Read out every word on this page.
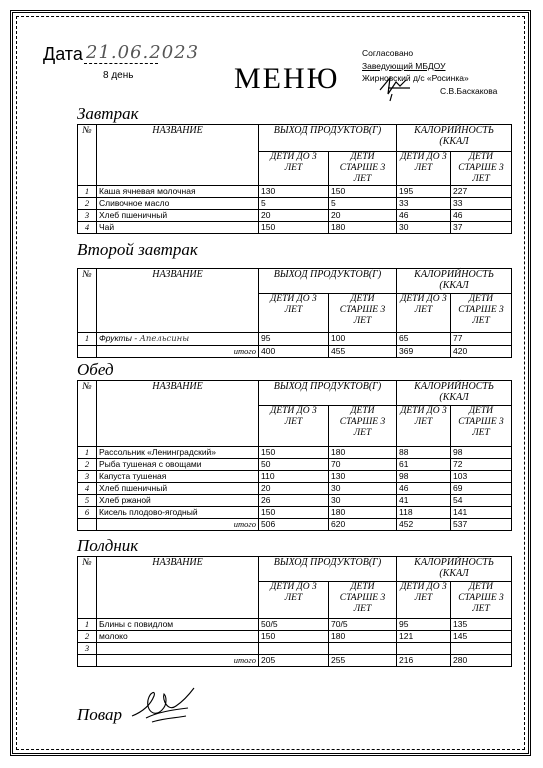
Дата 21.06.2023
8 день	МЕНЮ
Согласовано
Заведующий МБДОУ
Жирновский д/с «Росинка»
С.В.Баскакова
Завтрак
№	НАЗВАНИЕ	ВЫХОД ПРОДУКТОВ(Г)		КАЛОРИЙНОСТЬ (ККАЛ	
		ДЕТИ ДО 3 ЛЕТ	ДЕТИ СТАРШЕ 3 ЛЕТ	ДЕТИ ДО 3 ЛЕТ	ДЕТИ СТАРШЕ 3 ЛЕТ
1	Каша ячневая молочная	130	150	195	227
2	Сливочное масло	5	5	33	33
3	Хлеб пшеничный	20	20	46	46
4	Чай	150	180	30	37
Второй завтрак
№	НАЗВАНИЕ	ВЫХОД ПРОДУКТОВ(Г)		КАЛОРИЙНОСТЬ (ККАЛ	
		ДЕТИ ДО 3 ЛЕТ	ДЕТИ СТАРШЕ 3 ЛЕТ	ДЕТИ ДО 3 ЛЕТ	ДЕТИ СТАРШЕ 3 ЛЕТ
1	Фрукты - Апельсины	95	100	65	77
	итого	400	455	369	420
Обед
№	НАЗВАНИЕ	ВЫХОД ПРОДУКТОВ(Г)		КАЛОРИЙНОСТЬ (ККАЛ	
		ДЕТИ ДО 3 ЛЕТ	ДЕТИ СТАРШЕ 3 ЛЕТ	ДЕТИ ДО 3 ЛЕТ	ДЕТИ СТАРШЕ 3 ЛЕТ
1	Рассольник «Ленинградский»	150	180	88	98
2	Рыба тушеная с овощами	50	70	61	72
3	Капуста тушеная	110	130	98	103
4	Хлеб пшеничный	20	30	46	69
5	Хлеб ржаной	26	30	41	54
6	Кисель плодово-ягодный	150	180	118	141
	итого	506	620	452	537
Полдник
№	НАЗВАНИЕ	ВЫХОД ПРОДУКТОВ(Г)		КАЛОРИЙНОСТЬ (ККАЛ	
		ДЕТИ ДО 3 ЛЕТ	ДЕТИ СТАРШЕ 3 ЛЕТ	ДЕТИ ДО 3 ЛЕТ	ДЕТИ СТАРШЕ 3 ЛЕТ
1	Блины с повидлом	50/5	70/5	95	135
2	молоко	150	180	121	145
3					
	итого	205	255	216	280
Повар
